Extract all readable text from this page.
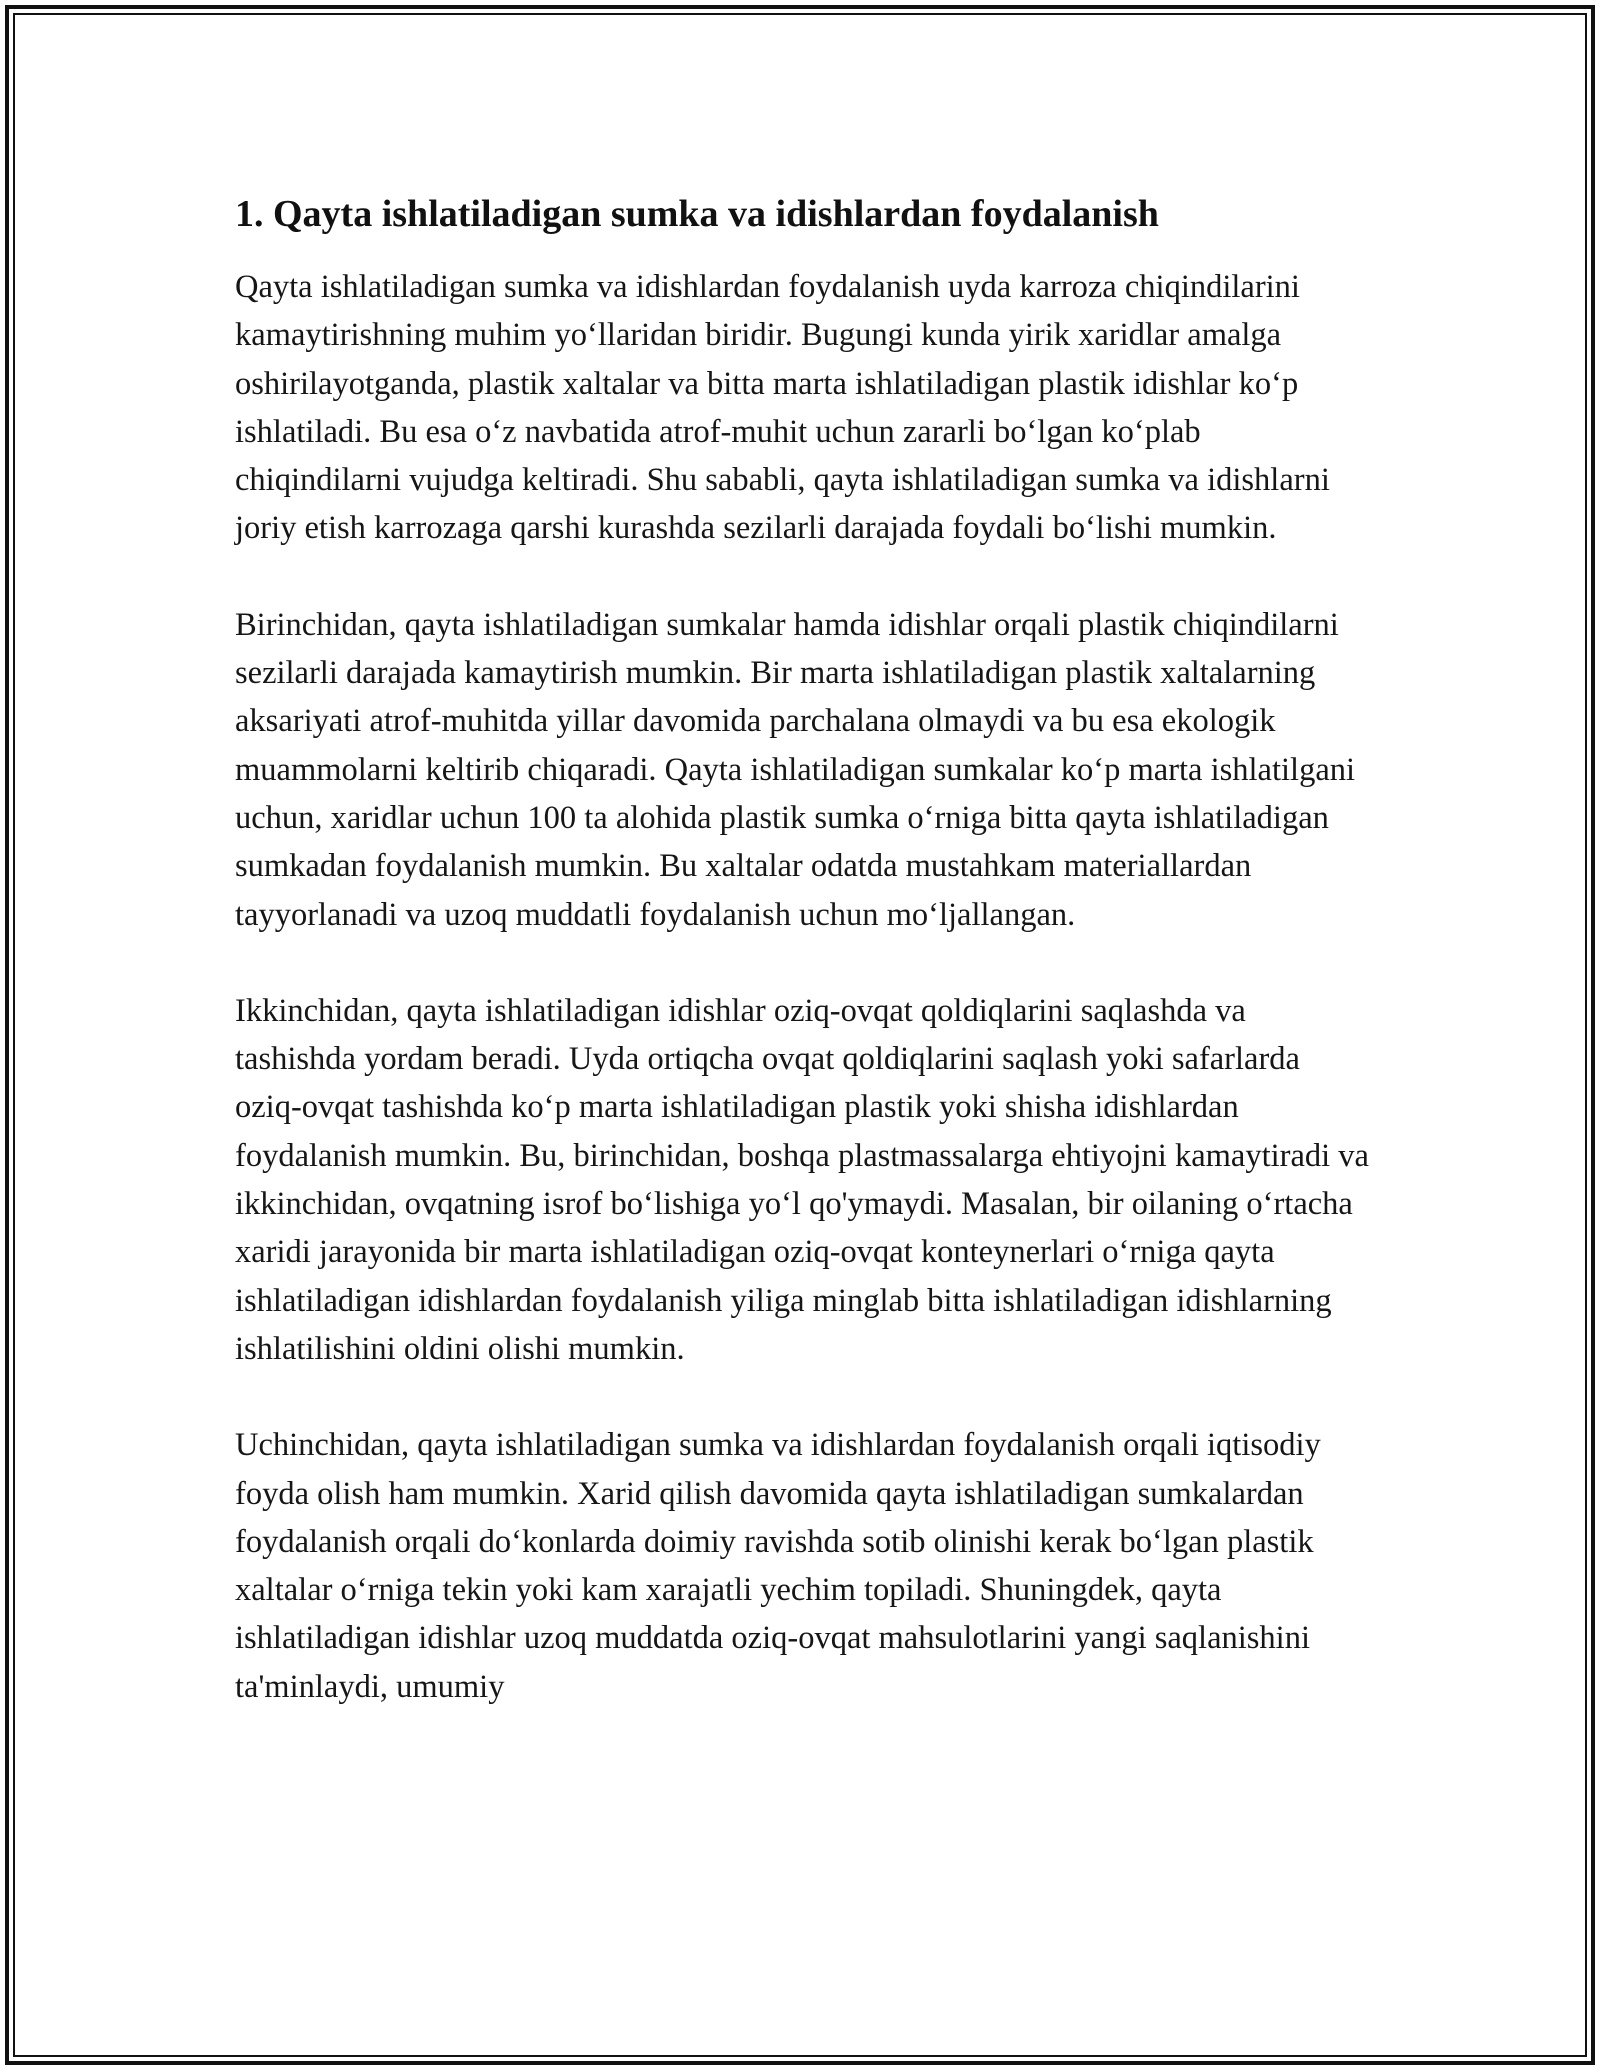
1. Qayta ishlatiladigan sumka va idishlardan foydalanish

Qayta ishlatiladigan sumka va idishlardan foydalanish uyda karroza chiqindilarini kamaytirishning muhim yo‘llaridan biridir. Bugungi kunda yirik xaridlar amalga oshirilayotganda, plastik xaltalar va bitta marta ishlatiladigan plastik idishlar ko‘p ishlatiladi. Bu esa o‘z navbatida atrof-muhit uchun zararli bo‘lgan ko‘plab chiqindilarni vujudga keltiradi. Shu sababli, qayta ishlatiladigan sumka va idishlarni joriy etish karrozaga qarshi kurashda sezilarli darajada foydali bo‘lishi mumkin.

Birinchidan, qayta ishlatiladigan sumkalar hamda idishlar orqali plastik chiqindilarni sezilarli darajada kamaytirish mumkin. Bir marta ishlatiladigan plastik xaltalarning aksariyati atrof-muhitda yillar davomida parchalana olmaydi va bu esa ekologik muammolarni keltirib chiqaradi. Qayta ishlatiladigan sumkalar ko‘p marta ishlatilgani uchun, xaridlar uchun 100 ta alohida plastik sumka o‘rniga bitta qayta ishlatiladigan sumkadan foydalanish mumkin. Bu xaltalar odatda mustahkam materiallardan tayyorlanadi va uzoq muddatli foydalanish uchun mo‘ljallangan.

Ikkinchidan, qayta ishlatiladigan idishlar oziq-ovqat qoldiqlarini saqlashda va tashishda yordam beradi. Uyda ortiqcha ovqat qoldiqlarini saqlash yoki safarlarda oziq-ovqat tashishda ko‘p marta ishlatiladigan plastik yoki shisha idishlardan foydalanish mumkin. Bu, birinchidan, boshqa plastmassalarga ehtiyojni kamaytiradi va ikkinchidan, ovqatning isrof bo‘lishiga yo‘l qo'ymaydi. Masalan, bir oilaning o‘rtacha xaridi jarayonida bir marta ishlatiladigan oziq-ovqat konteynerlari o‘rniga qayta ishlatiladigan idishlardan foydalanish yiliga minglab bitta ishlatiladigan idishlarning ishlatilishini oldini olishi mumkin.

Uchinchidan, qayta ishlatiladigan sumka va idishlardan foydalanish orqali iqtisodiy foyda olish ham mumkin. Xarid qilish davomida qayta ishlatiladigan sumkalardan foydalanish orqali do‘konlarda doimiy ravishda sotib olinishi kerak bo‘lgan plastik xaltalar o‘rniga tekin yoki kam xarajatli yechim topiladi. Shuningdek, qayta ishlatiladigan idishlar uzoq muddatda oziq-ovqat mahsulotlarini yangi saqlanishini ta'minlaydi, umumiy
